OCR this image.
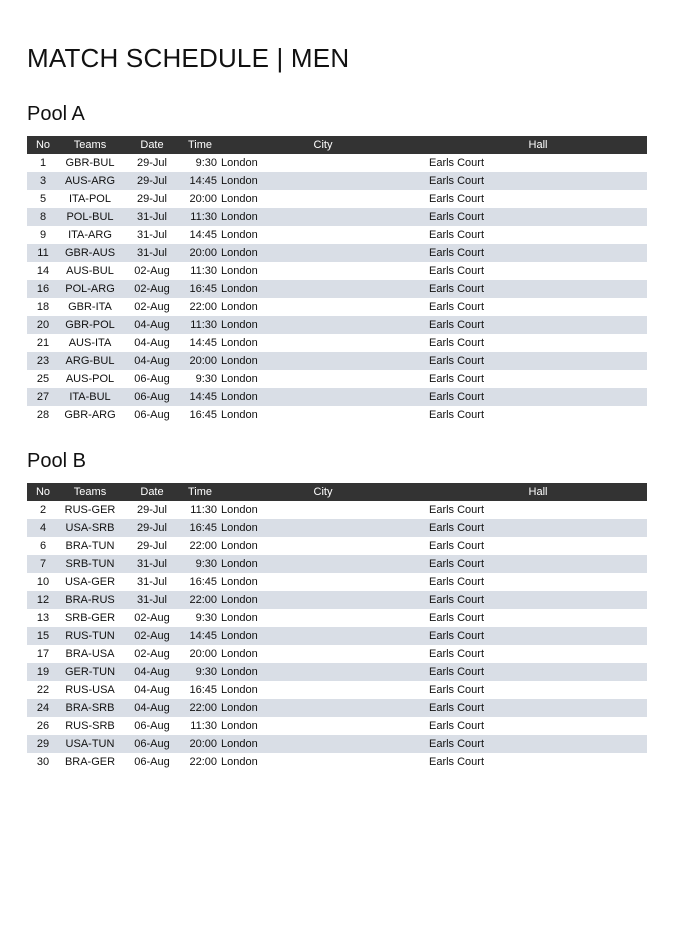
MATCH SCHEDULE | MEN
Pool A
No	Teams	Date	Time	City	Hall
1	GBR-BUL	29-Jul	9:30	London	Earls Court
3	AUS-ARG	29-Jul	14:45	London	Earls Court
5	ITA-POL	29-Jul	20:00	London	Earls Court
8	POL-BUL	31-Jul	11:30	London	Earls Court
9	ITA-ARG	31-Jul	14:45	London	Earls Court
11	GBR-AUS	31-Jul	20:00	London	Earls Court
14	AUS-BUL	02-Aug	11:30	London	Earls Court
16	POL-ARG	02-Aug	16:45	London	Earls Court
18	GBR-ITA	02-Aug	22:00	London	Earls Court
20	GBR-POL	04-Aug	11:30	London	Earls Court
21	AUS-ITA	04-Aug	14:45	London	Earls Court
23	ARG-BUL	04-Aug	20:00	London	Earls Court
25	AUS-POL	06-Aug	9:30	London	Earls Court
27	ITA-BUL	06-Aug	14:45	London	Earls Court
28	GBR-ARG	06-Aug	16:45	London	Earls Court
Pool B
No	Teams	Date	Time	City	Hall
2	RUS-GER	29-Jul	11:30	London	Earls Court
4	USA-SRB	29-Jul	16:45	London	Earls Court
6	BRA-TUN	29-Jul	22:00	London	Earls Court
7	SRB-TUN	31-Jul	9:30	London	Earls Court
10	USA-GER	31-Jul	16:45	London	Earls Court
12	BRA-RUS	31-Jul	22:00	London	Earls Court
13	SRB-GER	02-Aug	9:30	London	Earls Court
15	RUS-TUN	02-Aug	14:45	London	Earls Court
17	BRA-USA	02-Aug	20:00	London	Earls Court
19	GER-TUN	04-Aug	9:30	London	Earls Court
22	RUS-USA	04-Aug	16:45	London	Earls Court
24	BRA-SRB	04-Aug	22:00	London	Earls Court
26	RUS-SRB	06-Aug	11:30	London	Earls Court
29	USA-TUN	06-Aug	20:00	London	Earls Court
30	BRA-GER	06-Aug	22:00	London	Earls Court
